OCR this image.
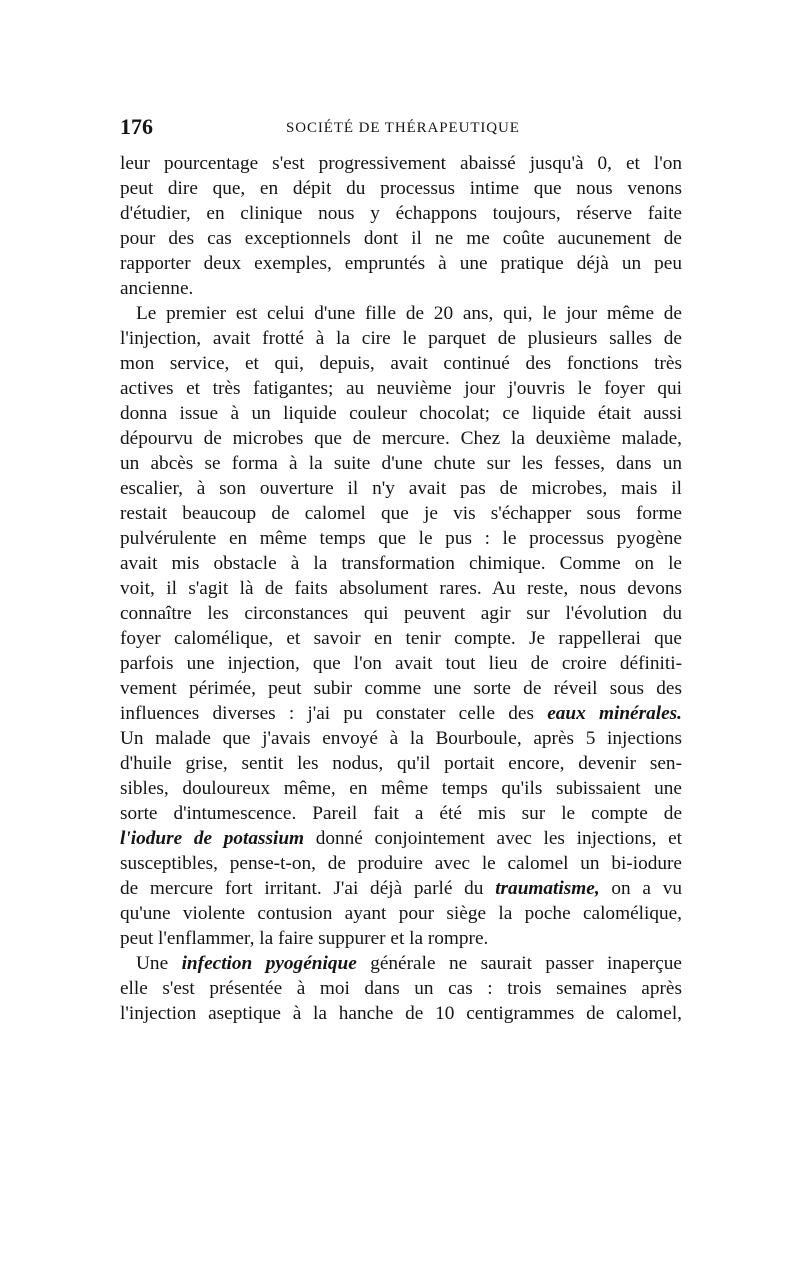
176	SOCIÉTÉ DE THÉRAPEUTIQUE
leur pourcentage s'est progressivement abaissé jusqu'à 0, et l'on
peut dire que, en dépit du processus intime que nous venons
d'étudier, en clinique nous y échappons toujours, réserve faite
pour des cas exceptionnels dont il ne me coûte aucunement de
rapporter deux exemples, empruntés à une pratique déjà un peu
ancienne.
Le premier est celui d'une fille de 20 ans, qui, le jour même de
l'injection, avait frotté à la cire le parquet de plusieurs salles de
mon service, et qui, depuis, avait continué des fonctions très
actives et très fatigantes; au neuvième jour j'ouvris le foyer qui
donna issue à un liquide couleur chocolat; ce liquide était aussi
dépourvu de microbes que de mercure. Chez la deuxième malade,
un abcès se forma à la suite d'une chute sur les fesses, dans un
escalier, à son ouverture il n'y avait pas de microbes, mais il
restait beaucoup de calomel que je vis s'échapper sous forme
pulvérulente en même temps que le pus : le processus pyogène
avait mis obstacle à la transformation chimique. Comme on le
voit, il s'agit là de faits absolument rares. Au reste, nous devons
connaître les circonstances qui peuvent agir sur l'évolution du
foyer calomélique, et savoir en tenir compte. Je rappellerai que
parfois une injection, que l'on avait tout lieu de croire définiti-
vement périmée, peut subir comme une sorte de réveil sous des
influences diverses : j'ai pu constater celle des eaux minérales.
Un malade que j'avais envoyé à la Bourboule, après 5 injections
d'huile grise, sentit les nodus, qu'il portait encore, devenir sen-
sibles, douloureux même, en même temps qu'ils subissaient une
sorte d'intumescence. Pareil fait a été mis sur le compte de
l'iodure de potassium donné conjointement avec les injections, et
susceptibles, pense-t-on, de produire avec le calomel un bi-iodure
de mercure fort irritant. J'ai déjà parlé du traumatisme, on a vu
qu'une violente contusion ayant pour siège la poche calomélique,
peut l'enflammer, la faire suppurer et la rompre.
Une infection pyogénique générale ne saurait passer inaperçue
elle s'est présentée à moi dans un cas : trois semaines après
l'injection aseptique à la hanche de 10 centigrammes de calomel,
